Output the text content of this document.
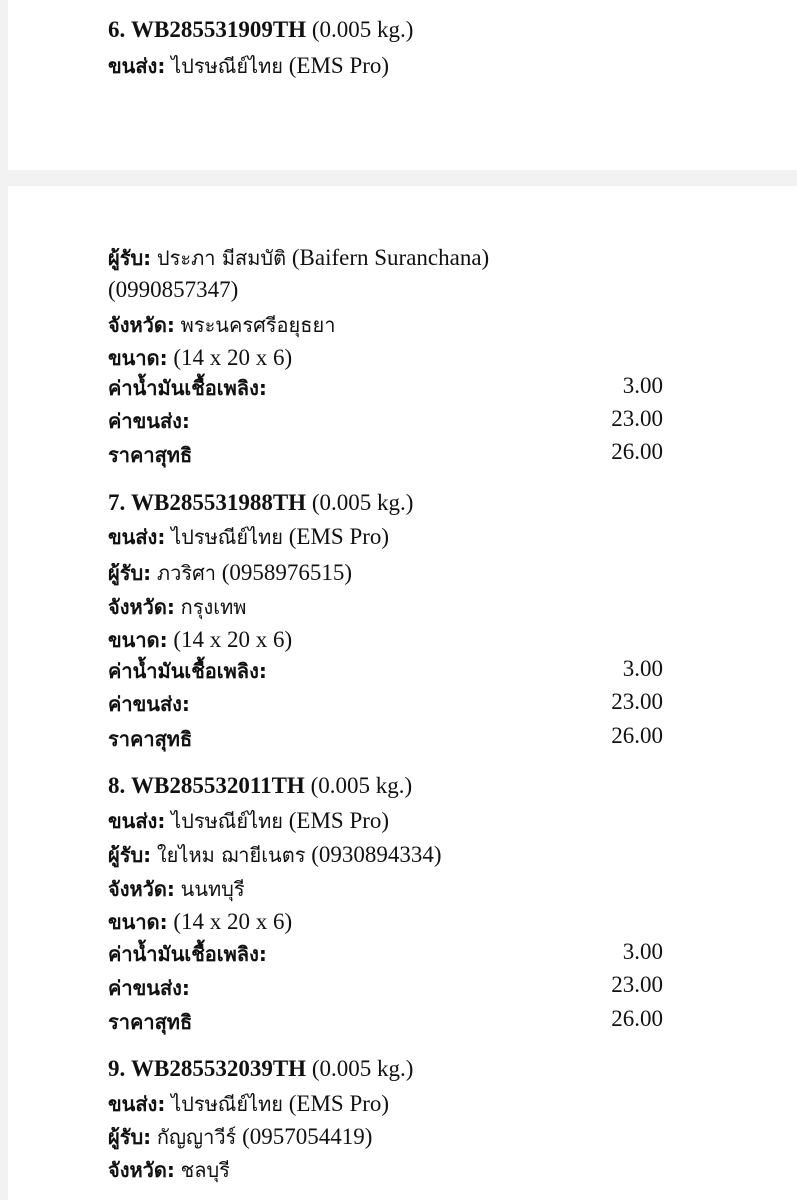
6. WB285531909TH (0.005 kg.)
ขนส่ง: ไปรษณีย์ไทย (EMS Pro)
ผู้รับ: ประภา มีสมบัติ (Baifern Suranchana)
(0990857347)
จังหวัด: พระนครศรีอยุธยา
ขนาด: (14 x 20 x 6)
ค่าน้ำมันเชื้อเพลิง:	3.00
ค่าขนส่ง:	23.00
ราคาสุทธิ	26.00
7. WB285531988TH (0.005 kg.)
ขนส่ง: ไปรษณีย์ไทย (EMS Pro)
ผู้รับ: ภวริศา (0958976515)
จังหวัด: กรุงเทพ
ขนาด: (14 x 20 x 6)
ค่าน้ำมันเชื้อเพลิง:	3.00
ค่าขนส่ง:	23.00
ราคาสุทธิ	26.00
8. WB285532011TH (0.005 kg.)
ขนส่ง: ไปรษณีย์ไทย (EMS Pro)
ผู้รับ: ใยไหม ฌายีเนตร (0930894334)
จังหวัด: นนทบุรี
ขนาด: (14 x 20 x 6)
ค่าน้ำมันเชื้อเพลิง:	3.00
ค่าขนส่ง:	23.00
ราคาสุทธิ	26.00
9. WB285532039TH (0.005 kg.)
ขนส่ง: ไปรษณีย์ไทย (EMS Pro)
ผู้รับ: กัญญาวีร์ (0957054419)
จังหวัด: ชลบุรี
